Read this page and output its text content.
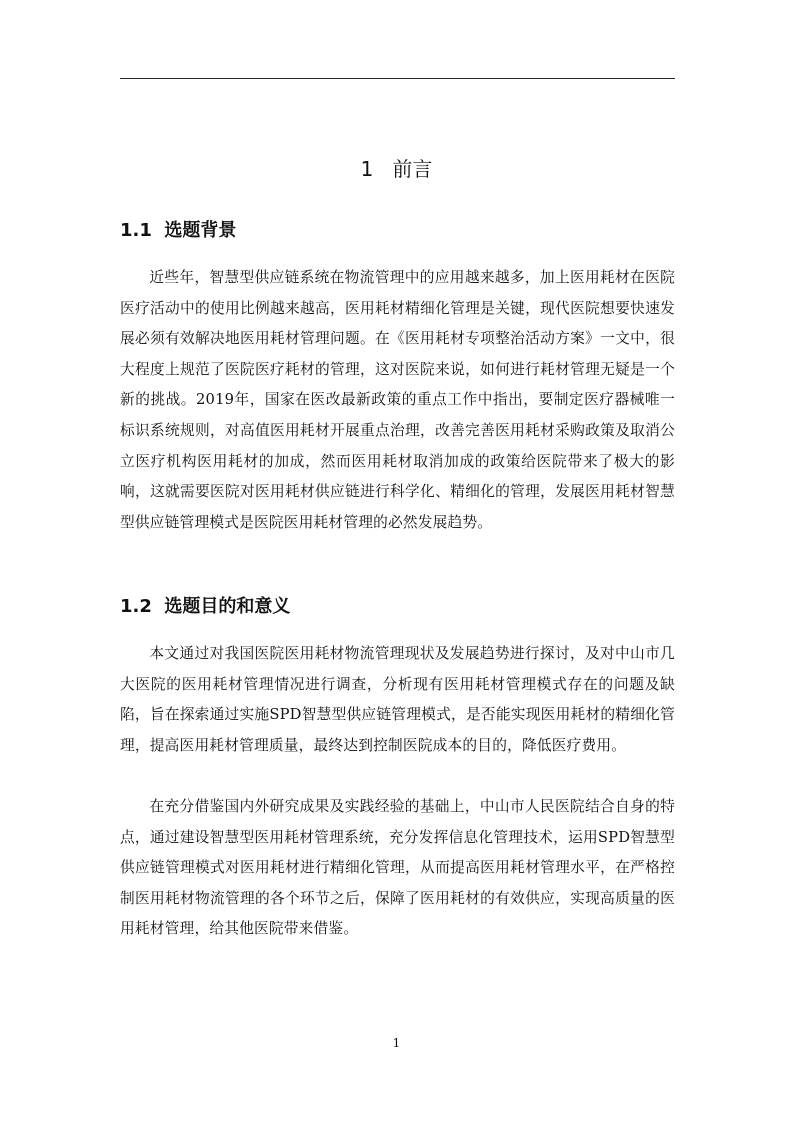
1   前言
1.1  选题背景

近些年，智慧型供应链系统在物流管理中的应用越来越多，加上医用耗材在医院医疗活动中的使用比例越来越高，医用耗材精细化管理是关键，现代医院想要快速发展必须有效解决地医用耗材管理问题。在《医用耗材专项整治活动方案》一文中，很大程度上规范了医院医疗耗材的管理，这对医院来说，如何进行耗材管理无疑是一个新的挑战。2019年，国家在医改最新政策的重点工作中指出，要制定医疗器械唯一标识系统规则，对高值医用耗材开展重点治理，改善完善医用耗材采购政策及取消公立医疗机构医用耗材的加成，然而医用耗材取消加成的政策给医院带来了极大的影响，这就需要医院对医用耗材供应链进行科学化、精细化的管理，发展医用耗材智慧型供应链管理模式是医院医用耗材管理的必然发展趋势。

1.2  选题目的和意义

本文通过对我国医院医用耗材物流管理现状及发展趋势进行探讨，及对中山市几大医院的医用耗材管理情况进行调查，分析现有医用耗材管理模式存在的问题及缺陷，旨在探索通过实施SPD智慧型供应链管理模式，是否能实现医用耗材的精细化管理，提高医用耗材管理质量，最终达到控制医院成本的目的，降低医疗费用。

在充分借鉴国内外研究成果及实践经验的基础上，中山市人民医院结合自身的特点，通过建设智慧型医用耗材管理系统，充分发挥信息化管理技术，运用SPD智慧型供应链管理模式对医用耗材进行精细化管理，从而提高医用耗材管理水平，在严格控制医用耗材物流管理的各个环节之后，保障了医用耗材的有效供应，实现高质量的医用耗材管理，给其他医院带来借鉴。

1
